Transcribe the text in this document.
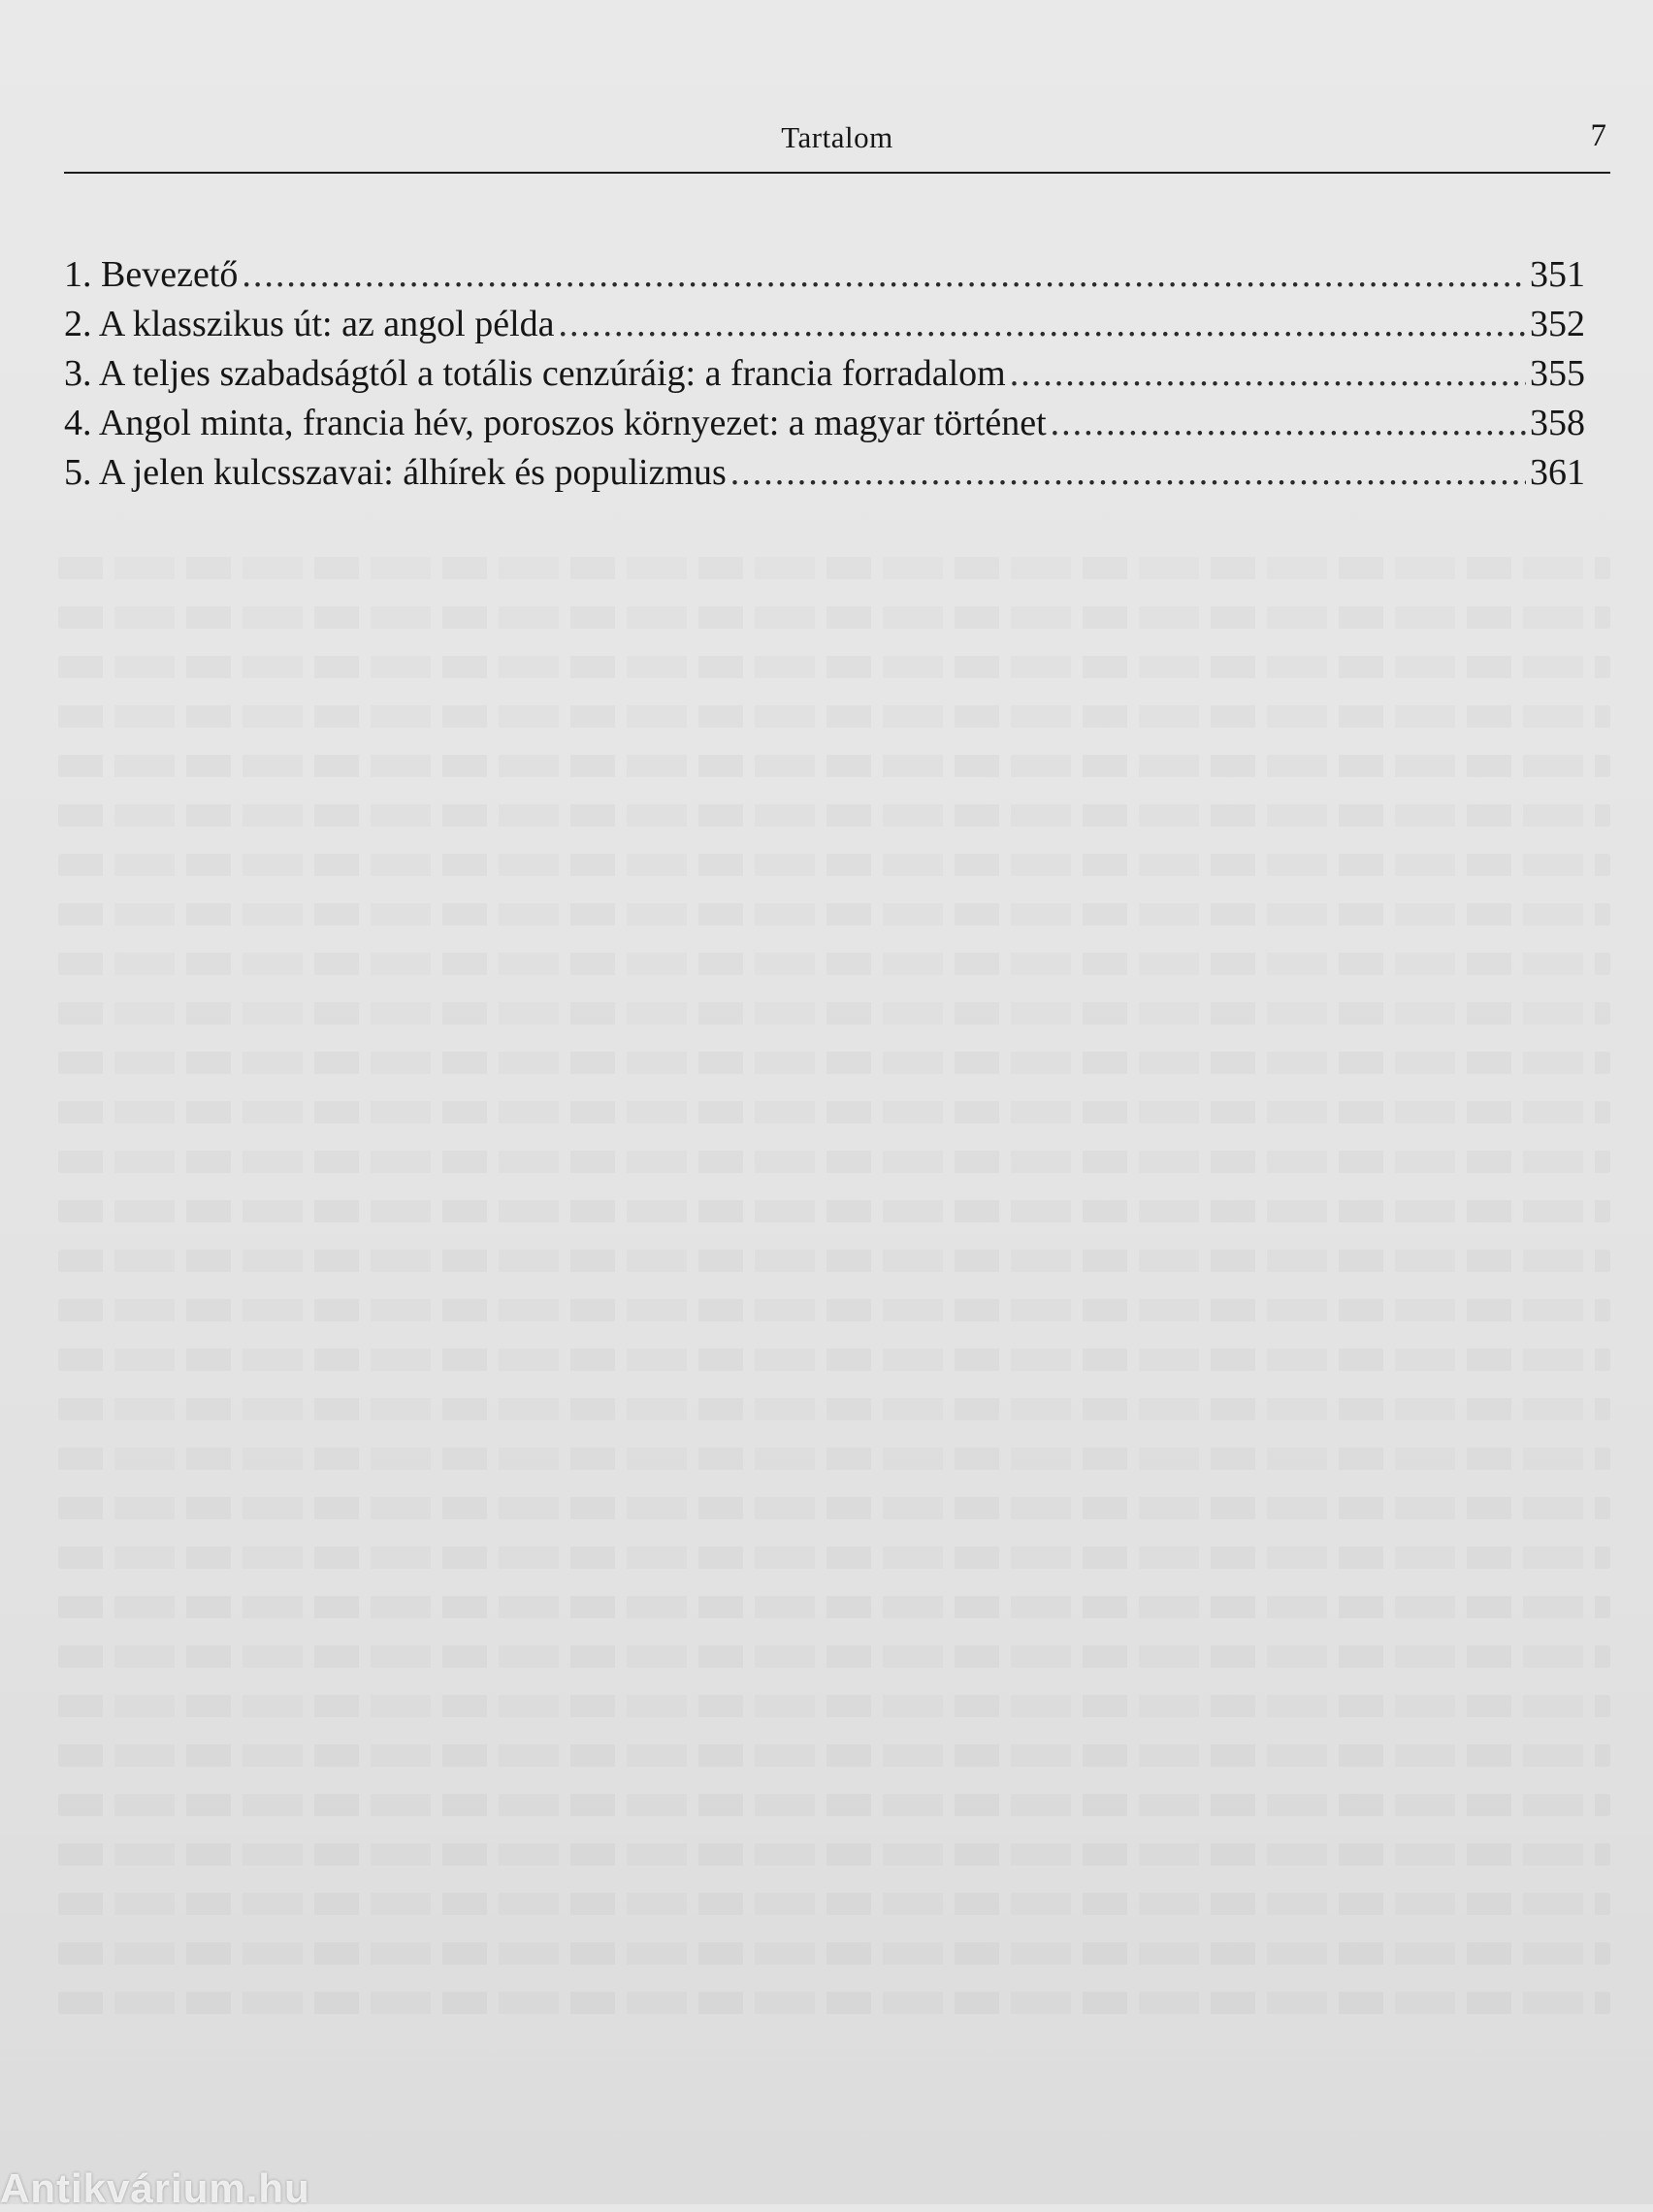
Tartalom	7
1. Bevezető .....	351
2. A klasszikus út: az angol példa .....	352
3. A teljes szabadságtól a totális cenzúráig: a francia forradalom .....	355
4. Angol minta, francia hév, poroszos környezet: a magyar történet .....	358
5. A jelen kulcsszavai: álhírek és populizmus .....	361
Antikvárium.hu
